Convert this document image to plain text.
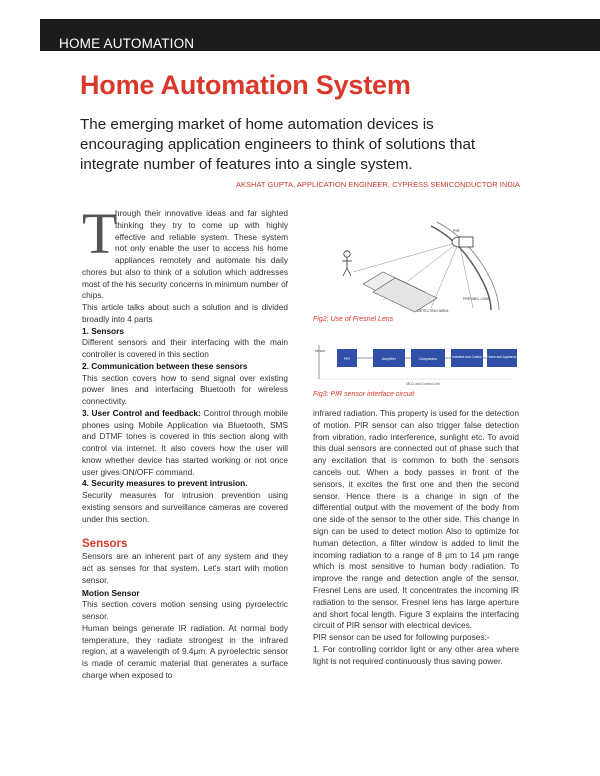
HOME AUTOMATION
Home Automation System

The emerging market of home automation devices is encouraging application engineers to think of solutions that integrate number of features into a single system.

AKSHAT GUPTA, APPLICATION ENGINEER, CYPRESS SEMICONDUCTOR INDIA
T

hrough their innovative ideas and far sighted thinking they try to come up with highly effective and reliable system. These system not only enable the user to access his home appliances remotely and automate his daily chores but also to think of a solution which addresses most of the his security concerns in minimum number of chips.

This article talks about such a solution and is divided broadly into 4 parts

1. Sensors

Different sensors and their interfacing with the main controller is covered in this section

2. Communication between these sensors

This section covers how to send signal over existing power lines and interfacing Bluetooth for wireless connectivity.

3. User Control and feedback: Control through mobile phones using Mobile Application via Bluetooth, SMS and DTMF tones is covered in this section along with control via internet. It also covers how the user will know whether device has started working or not once user gives ON/OFF command.

4. Security measures to prevent intrusion.

Security measures for intrusion prevention using existing sensors and surveillance cameras are covered under this section.

Sensors

Sensors are an inherent part of any system and they act as senses for that system. Let's start with motion sensor.

Motion Sensor

This section covers motion sensing using pyroelectric sensor.

Human beings generate IR radiation. At normal body temperature, they radiate strongest in the infrared region, at a wavelength of 9.4μm. A pyroelectric sensor is made of ceramic material that generates a surface charge when exposed to

PIR
FRESNEL LENS
DETECTING AREA
Fig2: Use of Fresnel Lens
sensor
PIR	Amplifier	Comparator	Interface and Control Home and Appliance
MCU and Control Unit
Fig3: PIR sensor interface circuit

infrared radiation. This property is used for the detection of motion. PIR sensor can also trigger false detection from vibration, radio interference, sunlight etc. To avoid this dual sensors are connected out of phase such that any excitation that is common to both the sensors cancels out. When a body passes in front of the sensors, it excites the first one and then the second sensor. Hence there is a change in sign of the differential output with the movement of the body from one side of the sensor to the other side. This change in sign can be used to detect motion Also to optimize for human detection, a filter window is added to limit the incoming radiation to a range of 8 μm to 14 μm range which is most sensitive to human body radiation. To improve the range and detection angle of the sensor, Fresnel Lens are used. It concentrates the incoming IR radiation to the sensor. Fresnel lens has large aperture and short focal length. Figure 3 explains the interfacing circuit of PIR sensor with electrical devices.

PIR sensor can be used for following purposes:-

1. For controlling corridor light or any other area where light is not required continuously thus saving power.
